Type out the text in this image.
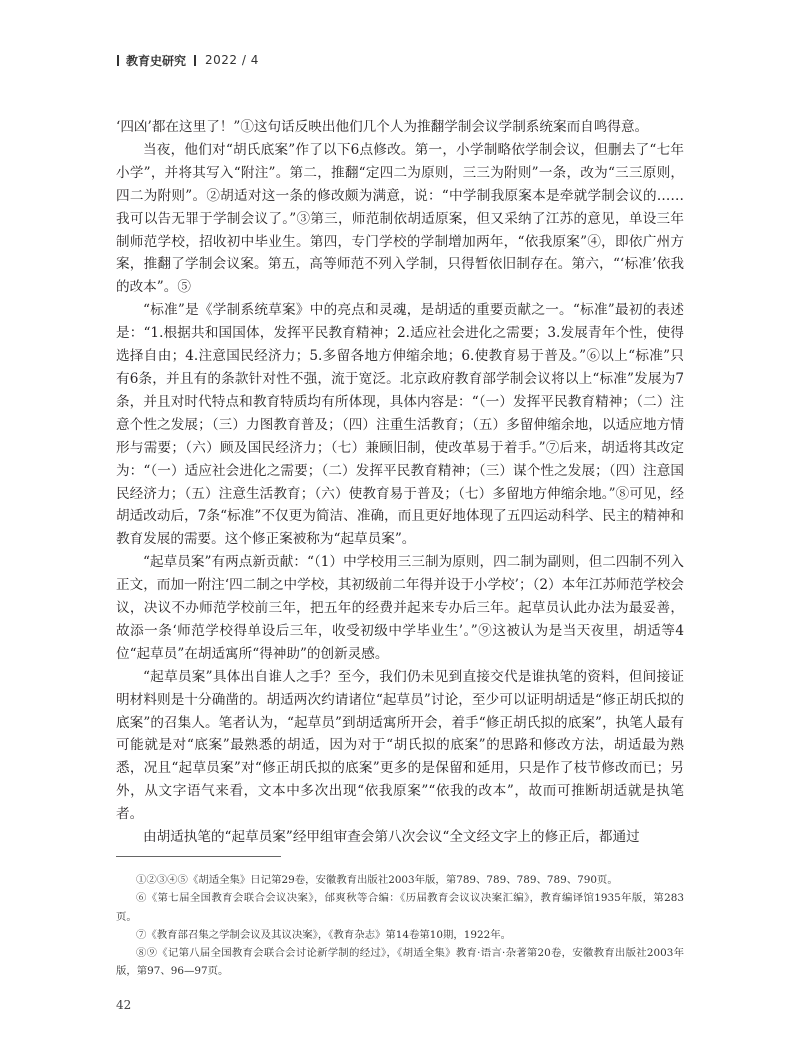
教育史研究 2022 / 4

‘四凶’都在这里了！”①这句话反映出他们几个人为推翻学制会议学制系统案而自鸣得意。

当夜，他们对“胡氏底案”作了以下6点修改。第一，小学制略依学制会议，但删去了“七年小学”，并将其写入“附注”。第二，推翻“定四二为原则，三三为附则”一条，改为“三三原则，四二为附则”。②胡适对这一条的修改颇为满意，说：“中学制我原案本是牵就学制会议的……我可以告无罪于学制会议了。”③第三，师范制依胡适原案，但又采纳了江苏的意见，单设三年制师范学校，招收初中毕业生。第四，专门学校的学制增加两年，“依我原案”④，即依广州方案，推翻了学制会议案。第五，高等师范不列入学制，只得暂依旧制存在。第六，“‘标准’依我的改本”。⑤

“标准”是《学制系统草案》中的亮点和灵魂，是胡适的重要贡献之一。“标准”最初的表述是：“1.根据共和国国体，发挥平民教育精神；2.适应社会进化之需要；3.发展青年个性，使得选择自由；4.注意国民经济力；5.多留各地方伸缩余地；6.使教育易于普及。”⑥以上“标准”只有6条，并且有的条款针对性不强，流于宽泛。北京政府教育部学制会议将以上“标准”发展为7条，并且对时代特点和教育特质均有所体现，具体内容是：“（一）发挥平民教育精神；（二）注意个性之发展；（三）力图教育普及；（四）注重生活教育；（五）多留伸缩余地，以适应地方情形与需要；（六）顾及国民经济力；（七）兼顾旧制，使改革易于着手。”⑦后来，胡适将其改定为：“（一）适应社会进化之需要；（二）发挥平民教育精神；（三）谋个性之发展；（四）注意国民经济力；（五）注意生活教育；（六）使教育易于普及；（七）多留地方伸缩余地。”⑧可见，经胡适改动后，7条“标准”不仅更为简洁、准确，而且更好地体现了五四运动科学、民主的精神和教育发展的需要。这个修正案被称为“起草员案”。

“起草员案”有两点新贡献：“（1）中学校用三三制为原则，四二制为副则，但二四制不列入正文，而加一附注‘四二制之中学校，其初级前二年得并设于小学校’；（2）本年江苏师范学校会议，决议不办师范学校前三年，把五年的经费并起来专办后三年。起草员认此办法为最妥善，故添一条‘师范学校得单设后三年，收受初级中学毕业生’。”⑨这被认为是当天夜里，胡适等4位“起草员”在胡适寓所“得神助”的创新灵感。

“起草员案”具体出自谁人之手？至今，我们仍未见到直接交代是谁执笔的资料，但间接证明材料则是十分确凿的。胡适两次约请诸位“起草员”讨论，至少可以证明胡适是“修正胡氏拟的底案”的召集人。笔者认为，“起草员”到胡适寓所开会，着手“修正胡氏拟的底案”，执笔人最有可能就是对“底案”最熟悉的胡适，因为对于“胡氏拟的底案”的思路和修改方法，胡适最为熟悉，况且“起草员案”对“修正胡氏拟的底案”更多的是保留和延用，只是作了枝节修改而已；另外，从文字语气来看，文本中多次出现“依我原案”“依我的改本”，故而可推断胡适就是执笔者。

由胡适执笔的“起草员案”经甲组审查会第八次会议“全文经文字上的修正后，都通过

①②③④⑤《胡适全集》日记第29卷，安徽教育出版社2003年版，第789、789、789、789、790页。

⑥《第七届全国教育会联合会议决案》，邰爽秋等合编：《历届教育会议议决案汇编》，教育编译馆1935年版，第283页。

⑦《教育部召集之学制会议及其议决案》，《教育杂志》第14卷第10期，1922年。

⑧⑨《记第八届全国教育会联合会讨论新学制的经过》，《胡适全集》教育·语言·杂著第20卷，安徽教育出版社2003年版，第97、96—97页。

42
